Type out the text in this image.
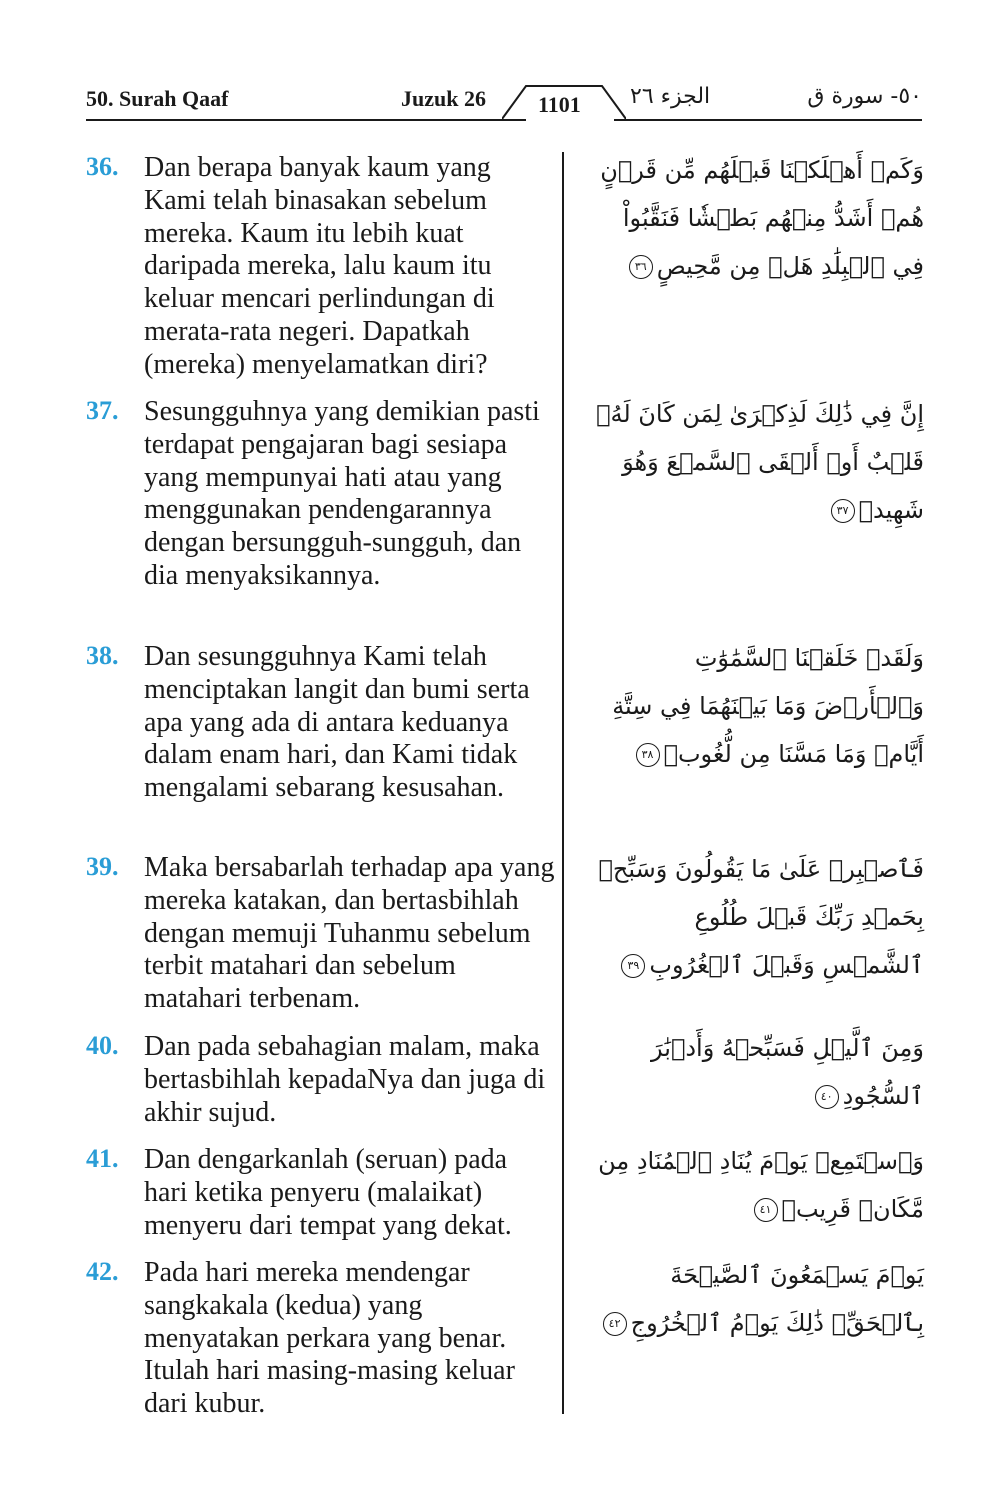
50. Surah Qaaf	Juzuk 26 1101 الجزء ٢٦	٥٠- سورة ق
36. Dan berapa banyak kaum yang Kami telah binasakan sebelum mereka. Kaum itu lebih kuat daripada mereka, lalu kaum itu keluar mencari perlindungan di merata-rata negeri. Dapatkah (mereka) menyelamatkan diri?
وَكَمۡ أَهۡلَكۡنَا قَبۡلَهُم مِّن قَرۡنٍ هُمۡ أَشَدُّ مِنۡهُم بَطۡشٗا فَنَقَّبُواْ فِي ٱلۡبِلَٰدِ هَلۡ مِن مَّحِيصٍ٣٦
37. Sesungguhnya yang demikian pasti terdapat pengajaran bagi sesiapa yang mempunyai hati atau yang menggunakan pendengarannya dengan bersungguh-sungguh, dan dia menyaksikannya.
إِنَّ فِي ذَٰلِكَ لَذِكۡرَىٰ لِمَن كَانَ لَهُۥ قَلۡبٌ أَوۡ أَلۡقَى ٱلسَّمۡعَ وَهُوَ شَهِيدٞ٣٧
38. Dan sesungguhnya Kami telah menciptakan langit dan bumi serta apa yang ada di antara keduanya dalam enam hari, dan Kami tidak mengalami sebarang kesusahan.
وَلَقَدۡ خَلَقۡنَا ٱلسَّمَٰوَٰتِ وَٱلۡأَرۡضَ وَمَا بَيۡنَهُمَا فِي سِتَّةِ أَيَّامٖ وَمَا مَسَّنَا مِن لُّغُوبٖ٣٨
39. Maka bersabarlah terhadap apa yang mereka katakan, dan bertasbihlah dengan memuji Tuhanmu sebelum terbit matahari dan sebelum matahari terbenam.
فَٱصۡبِرۡ عَلَىٰ مَا يَقُولُونَ وَسَبِّحۡ بِحَمۡدِ رَبِّكَ قَبۡلَ طُلُوعِ ٱلشَّمۡسِ وَقَبۡلَ ٱلۡغُرُوبِ٣٩
40. Dan pada sebahagian malam, maka bertasbihlah kepadaNya dan juga di akhir sujud.
وَمِنَ ٱلَّيۡلِ فَسَبِّحۡهُ وَأَدۡبَٰرَ ٱلسُّجُودِ٤٠
41. Dan dengarkanlah (seruan) pada hari ketika penyeru (malaikat) menyeru dari tempat yang dekat.
وَٱسۡتَمِعۡ يَوۡمَ يُنَادِ ٱلۡمُنَادِ مِن مَّكَانٖ قَرِيبٖ٤١
42. Pada hari mereka mendengar sangkakala (kedua) yang menyatakan perkara yang benar. Itulah hari masing-masing keluar dari kubur.
يَوۡمَ يَسۡمَعُونَ ٱلصَّيۡحَةَ بِٱلۡحَقِّۚ ذَٰلِكَ يَوۡمُ ٱلۡخُرُوجِ٤٢
